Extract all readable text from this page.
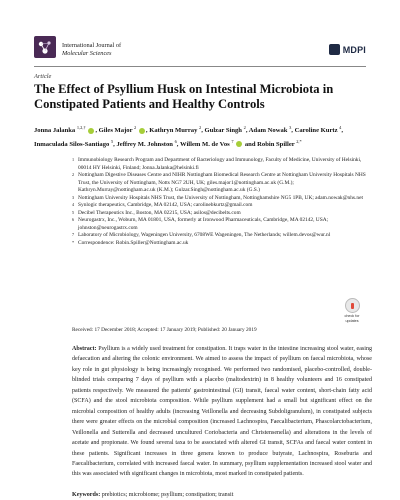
International Journal of
Molecular Sciences	MDPI
Article
The Effect of Psyllium Husk on Intestinal Microbiota in Constipated Patients and Healthy Controls
Jonna Jalanka $^{1,2,\dagger}$ , Giles Major $^2$ , Kathryn Murray $^2$, Gulzar Singh $^2$, Adam Nowak $^3$, Caroline Kurtz $^4$, Inmaculada Silos-Santiago $^5$, Jeffrey M. Johnston $^6$, Willem M. de Vos $^7$  and Robin Spiller $^{2,*}$
1 Immunobiology Research Program and Department of Bacteriology and Immunology, Faculty of Medicine, University of Helsinki, 00014 HY Helsinki, Finland; Jonna.Jalanka@helsinki.fi
2 Nottingham Digestive Diseases Centre and NIHR Nottingham Biomedical Research Centre at Nottingham University Hospitals NHS Trust, the University of Nottingham, Notts NG7 2UH, UK; giles.major1@nottingham.ac.uk (G.M.); Kathryn.Murray@nottingham.ac.uk (K.M.); Gulzar.Singh@nottingham.ac.uk (G.S.)
3 Nottingham University Hospitals NHS Trust, the University of Nottingham, Nottinghamshire NG5 1PB, UK; adam.nowak@nhs.net
4 Synlogic therapeutics, Cambridge, MA 02142, USA; carolinebkurtz@gmail.com
5 Decibel Therapeutics Inc., Boston, MA 02215, USA; asilos@decibelts.com
6 Neurogastrx, Inc., Woburn, MA 01801, USA, formerly at Ironwood Pharmaceuticals, Cambridge, MA 02142, USA; johnston@neurogastrx.com
7 Laboratory of Microbiology, Wageningen University, 6708WE Wageningen, The Netherlands; willem.devos@wur.nl
* Correspondence: Robin.Spiller@Nottingham.ac.uk
Received: 17 December 2018; Accepted: 17 January 2019; Published: 20 January 2019
check for
updates

Abstract: Psyllium is a widely used treatment for constipation. It traps water in the intestine increasing stool water, easing defaecation and altering the colonic environment. We aimed to assess the impact of psyllium on faecal microbiota, whose key role in gut physiology is being increasingly recognised. We performed two randomised, placebo-controlled, double-blinded trials comparing 7 days of psyllium with a placebo (maltodextrin) in 8 healthy volunteers and 16 constipated patients respectively. We measured the patients' gastrointestinal (GI) transit, faecal water content, short-chain fatty acid (SCFA) and the stool microbiota composition. While psyllium supplement had a small but significant effect on the microbial composition of healthy adults (increasing Veillonella and decreasing Subdoligranulum), in constipated subjects there were greater effects on the microbial composition (increased Lachnospira, Faecalibacterium, Phascolarctobacterium, Veillonella and Sutterella and decreased uncultured Coriobacteria and Christensenella) and alterations in the levels of acetate and propionate. We found several taxa to be associated with altered GI transit, SCFAs and faecal water content in these patients. Significant increases in three genera known to produce butyrate, Lachnospira, Roseburia and Faecalibacterium, correlated with increased faecal water. In summary, psyllium supplementation increased stool water and this was associated with significant changes in microbiota, most marked in constipated patients.

Keywords: prebiotics; microbiome; psyllium; constipation; transit
